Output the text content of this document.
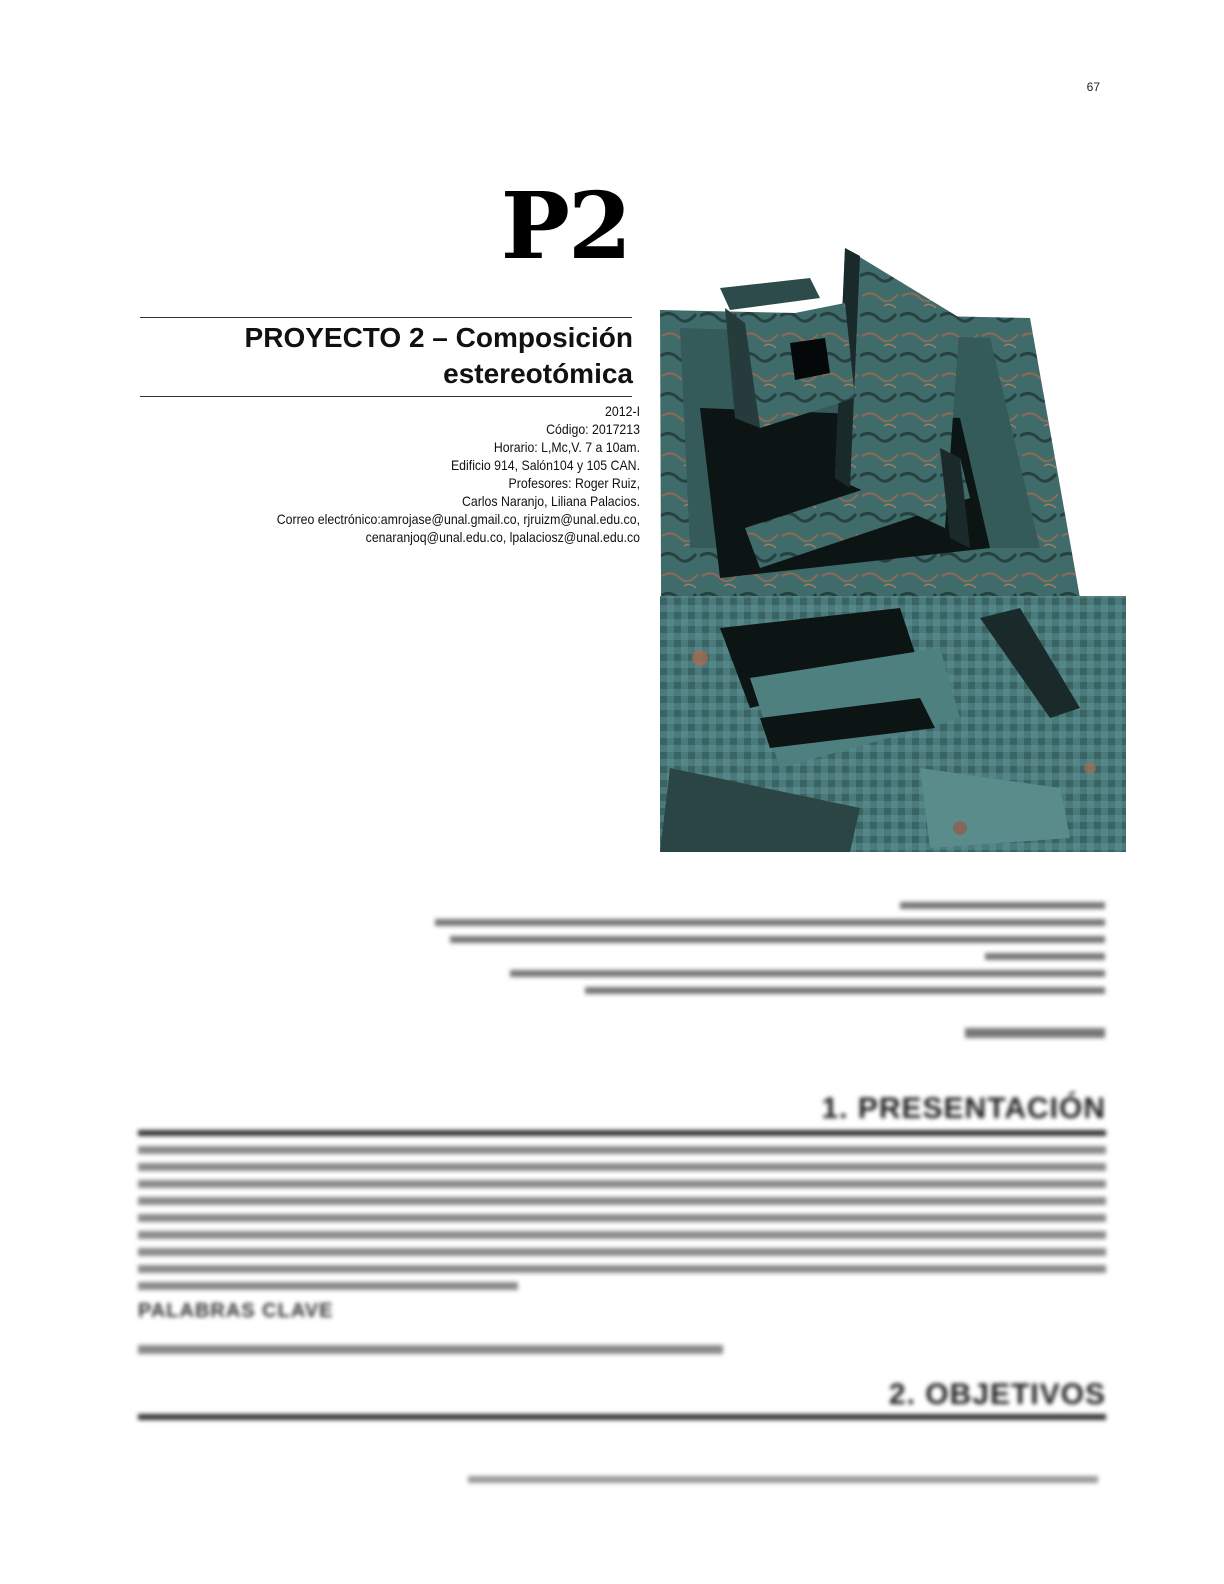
67
P2
PROYECTO 2 – Composición estereotómica
2012-I
Código: 2017213
Horario: L,Mc,V. 7 a 10am.
Edificio 914, Salón104 y 105 CAN.
Profesores: Roger Ruiz,
Carlos Naranjo, Liliana Palacios.
Correo electrónico:amrojase@unal.gmail.co, rjruizm@unal.edu.co,
cenaranjoq@unal.edu.co, lpalaciosz@unal.edu.co
1. PRESENTACIÓN
PALABRAS CLAVE
2. OBJETIVOS
